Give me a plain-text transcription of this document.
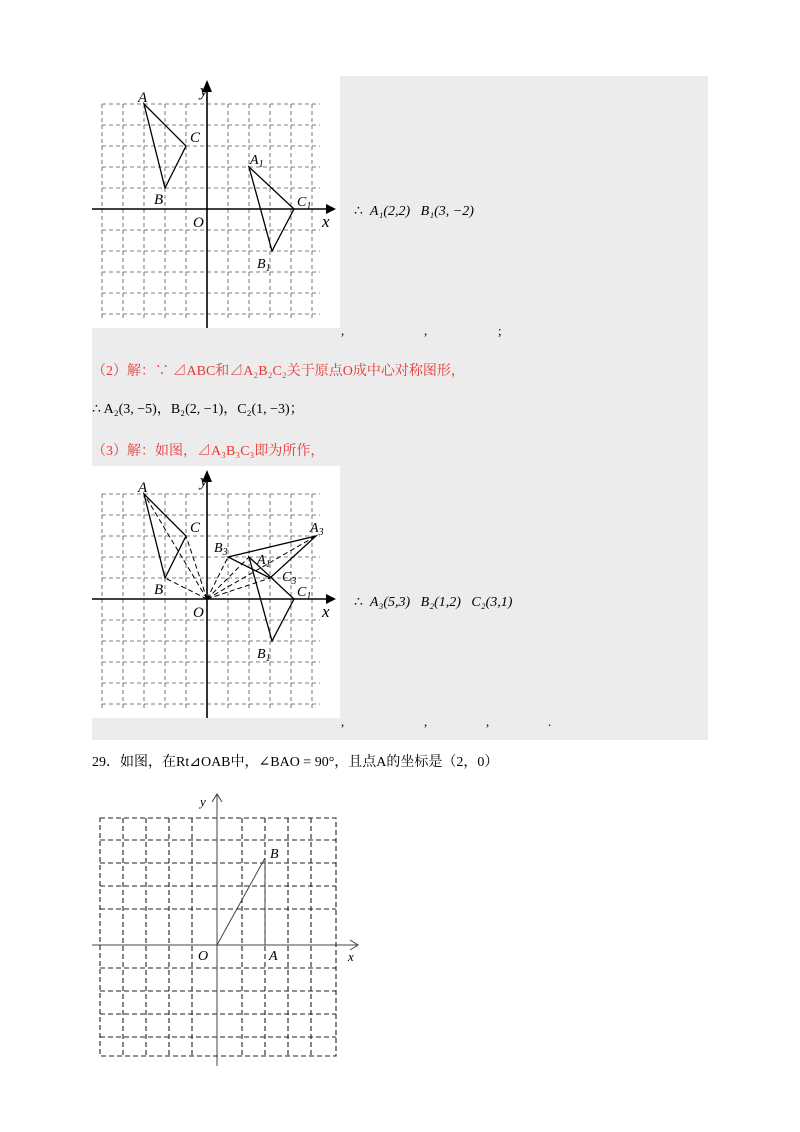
y
x
O
A
B
C
$A_1$
$B_1$
$C_1$	∴ A₁(2,2) B₁(3, −2)
,	,	;
（2）解：∵ ⊿ABC和⊿A₂B₂C₂关于原点O成中心对称图形，
∴ A₂(3, −5)，B₂(2, −1)，C₂(1, −3)；
（3）解：如图，⊿A₃B₃C₃即为所作，
y
x
O
A
B
C	$A_3$
$B_3$
$C_1$
$A_1$
$B_1$
$C_3$
∴ A₃(5,3) B₂(1,2) C₂(3,1)
,	,	,	.
29．如图，在Rt⊿OAB中，∠BAO = 90°，且点A的坐标是（2，0）
y
x
O	A
B
